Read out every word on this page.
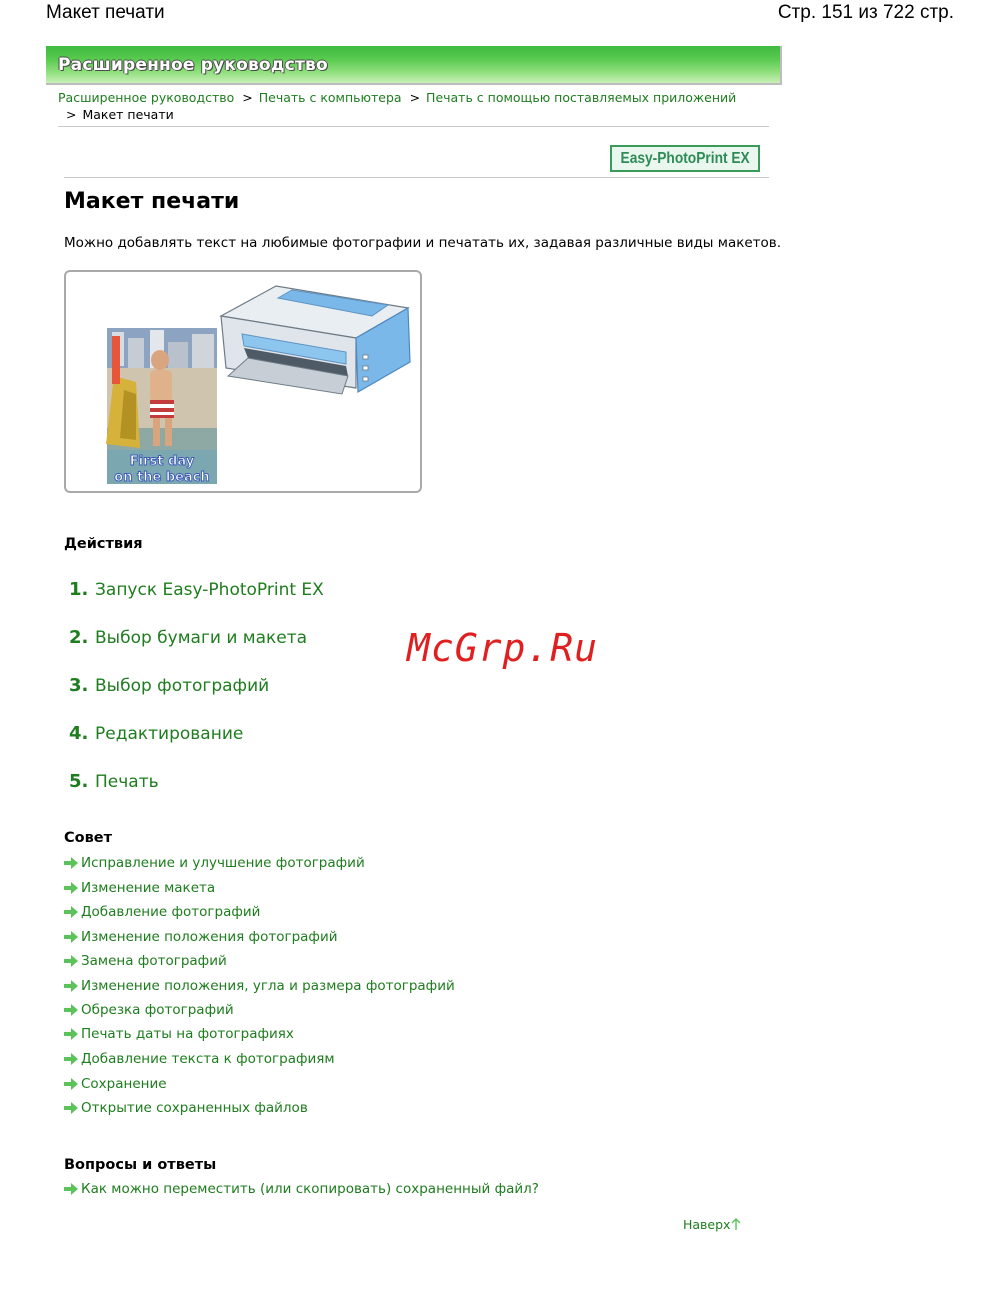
Макет печати	Стр. 151 из 722 стр.
Расширенное руководство
Расширенное руководство > Печать с компьютера > Печать с помощью поставляемых приложений > Макет печати
Easy-PhotoPrint EX
Макет печати
Можно добавлять текст на любимые фотографии и печатать их, задавая различные виды макетов.
First day
on the beach
Действия
1. Запуск Easy-PhotoPrint EX
2. Выбор бумаги и макета
3. Выбор фотографий
4. Редактирование
5. Печать
Совет
Исправление и улучшение фотографий
Изменение макета
Добавление фотографий
Изменение положения фотографий
Замена фотографий
Изменение положения, угла и размера фотографий
Обрезка фотографий
Печать даты на фотографиях
Добавление текста к фотографиям
Сохранение
Открытие сохраненных файлов
Вопросы и ответы
Как можно переместить (или скопировать) сохраненный файл?
Наверх
McGrp.Ru
